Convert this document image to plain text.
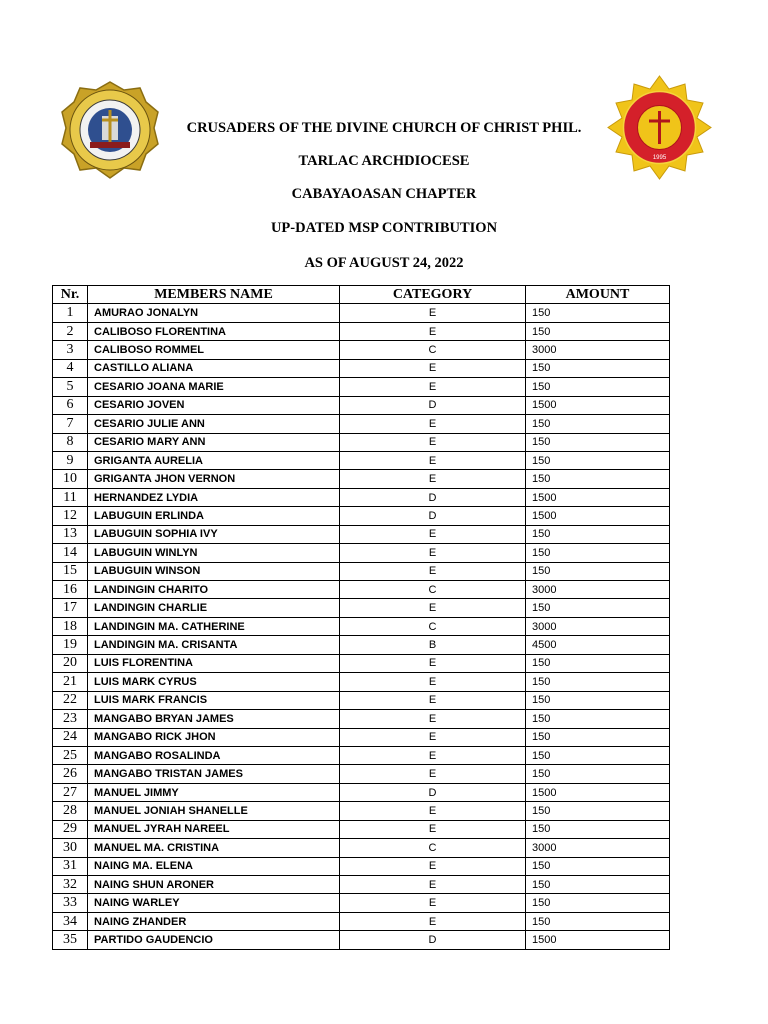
1995
CRUSADERS OF THE DIVINE CHURCH OF CHRIST PHIL.
TARLAC ARCHDIOCESE
CABAYAOASAN CHAPTER
UP-DATED MSP CONTRIBUTION
AS OF AUGUST 24, 2022
Nr.	MEMBERS NAME	CATEGORY	AMOUNT
1	AMURAO JONALYN	E	150
2	CALIBOSO FLORENTINA	E	150
3	CALIBOSO ROMMEL	C	3000
4	CASTILLO ALIANA	E	150
5	CESARIO JOANA MARIE	E	150
6	CESARIO JOVEN	D	1500
7	CESARIO JULIE ANN	E	150
8	CESARIO MARY ANN	E	150
9	GRIGANTA AURELIA	E	150
10	GRIGANTA JHON VERNON	E	150
11	HERNANDEZ LYDIA	D	1500
12	LABUGUIN ERLINDA	D	1500
13	LABUGUIN SOPHIA IVY	E	150
14	LABUGUIN WINLYN	E	150
15	LABUGUIN WINSON	E	150
16	LANDINGIN CHARITO	C	3000
17	LANDINGIN CHARLIE	E	150
18	LANDINGIN MA. CATHERINE	C	3000
19	LANDINGIN MA. CRISANTA	B	4500
20	LUIS FLORENTINA	E	150
21	LUIS MARK CYRUS	E	150
22	LUIS MARK FRANCIS	E	150
23	MANGABO BRYAN JAMES	E	150
24	MANGABO RICK JHON	E	150
25	MANGABO ROSALINDA	E	150
26	MANGABO TRISTAN JAMES	E	150
27	MANUEL JIMMY	D	1500
28	MANUEL JONIAH SHANELLE	E	150
29	MANUEL JYRAH NAREEL	E	150
30	MANUEL MA. CRISTINA	C	3000
31	NAING MA. ELENA	E	150
32	NAING SHUN ARONER	E	150
33	NAING WARLEY	E	150
34	NAING ZHANDER	E	150
35	PARTIDO GAUDENCIO	D	1500
